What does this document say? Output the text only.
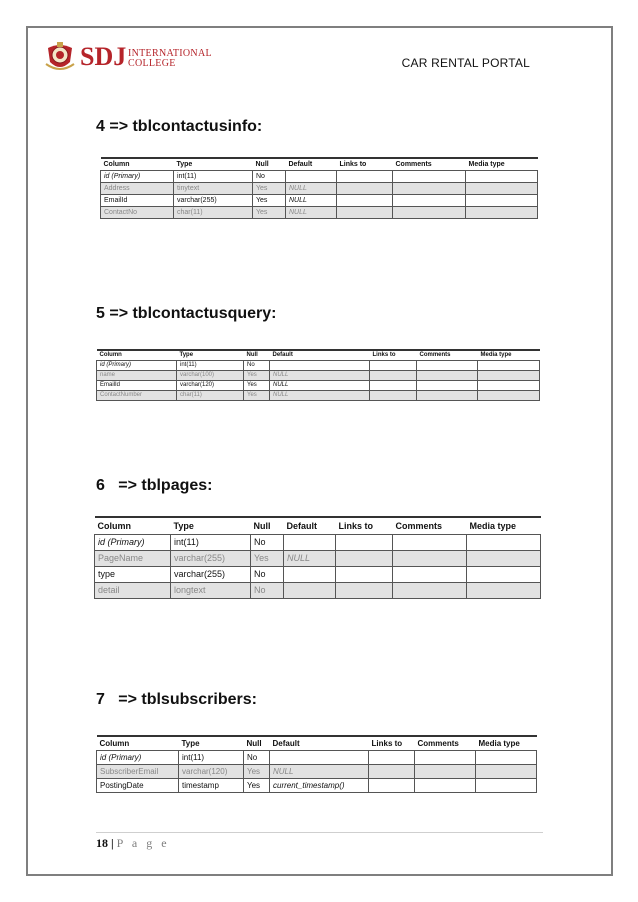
SDJ INTERNATIONAL
COLLEGE	CAR RENTAL PORTAL
4 => tblcontactusinfo:
Column	Type	Null	Default	Links to	Comments	Media type
id (Primary)	int(11)	No				
Address	tinytext	Yes	NULL			
EmailId	varchar(255)	Yes	NULL			
ContactNo	char(11)	Yes	NULL			
5 => tblcontactusquery:
Column	Type	Null	Default	Links to	Comments	Media type
id (Primary)	int(11)	No				
name	varchar(100)	Yes	NULL			
EmailId	varchar(120)	Yes	NULL			
ContactNumber	char(11)	Yes	NULL			
6   => tblpages:
Column	Type	Null	Default	Links to	Comments	Media type
id (Primary)	int(11)	No				
PageName	varchar(255)	Yes	NULL			
type	varchar(255)	No				
detail	longtext	No				
7   => tblsubscribers:
Column	Type	Null	Default	Links to	Comments	Media type
id (Primary)	int(11)	No				
SubscriberEmail	varchar(120)	Yes	NULL			
PostingDate	timestamp	Yes	current_timestamp()			
18 | P a g e
